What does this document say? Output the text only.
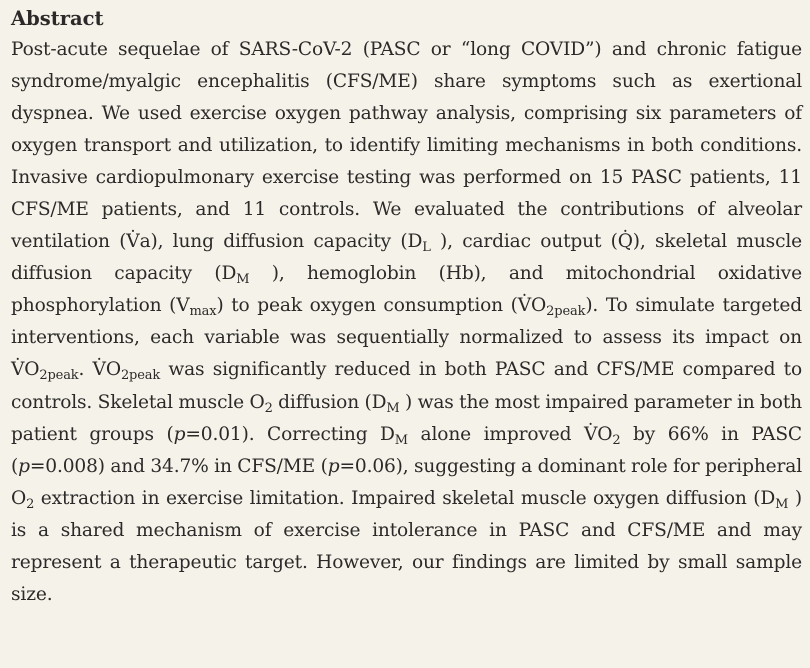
Abstract

Post-acute sequelae of SARS-CoV-2 (PASC or “long COVID”) and chronic fatigue syndrome/myalgic encephalitis (CFS/ME) share symptoms such as exertional dyspnea. We used exercise oxygen pathway analysis, comprising six parameters of oxygen transport and utilization, to identify limiting mechanisms in both conditions. Invasive cardiopulmonary exercise testing was performed on 15 PASC patients, 11 CFS/ME patients, and 11 controls. We evaluated the contributions of alveolar ventilation (V̇a), lung diffusion capacity ($D_L$ ), cardiac output (Q̇), skeletal muscle diffusion capacity ($D_M$ ), hemoglobin (Hb), and mitochondrial oxidative phosphorylation $(V_{max})$ to peak oxygen consumption $(V̇O_{2peak})$. To simulate targeted interventions, each variable was sequentially normalized to assess its impact on $V̇O_{2peak}$. $V̇O_{2peak}$ was significantly reduced in both PASC and CFS/ME compared to controls. Skeletal muscle $O_2$ diffusion ($D_M$ ) was the most impaired parameter in both patient groups (p=0.01). Correcting $D_M$ alone improved $V̇O_2$ by 66% in PASC (p=0.008) and 34.7% in CFS/ME (p=0.06), suggesting a dominant role for peripheral $O_2$ extraction in exercise limitation. Impaired skeletal muscle oxygen diffusion ($D_M$ ) is a shared mechanism of exercise intolerance in PASC and CFS/ME and may represent a therapeutic target. However, our findings are limited by small sample size.
